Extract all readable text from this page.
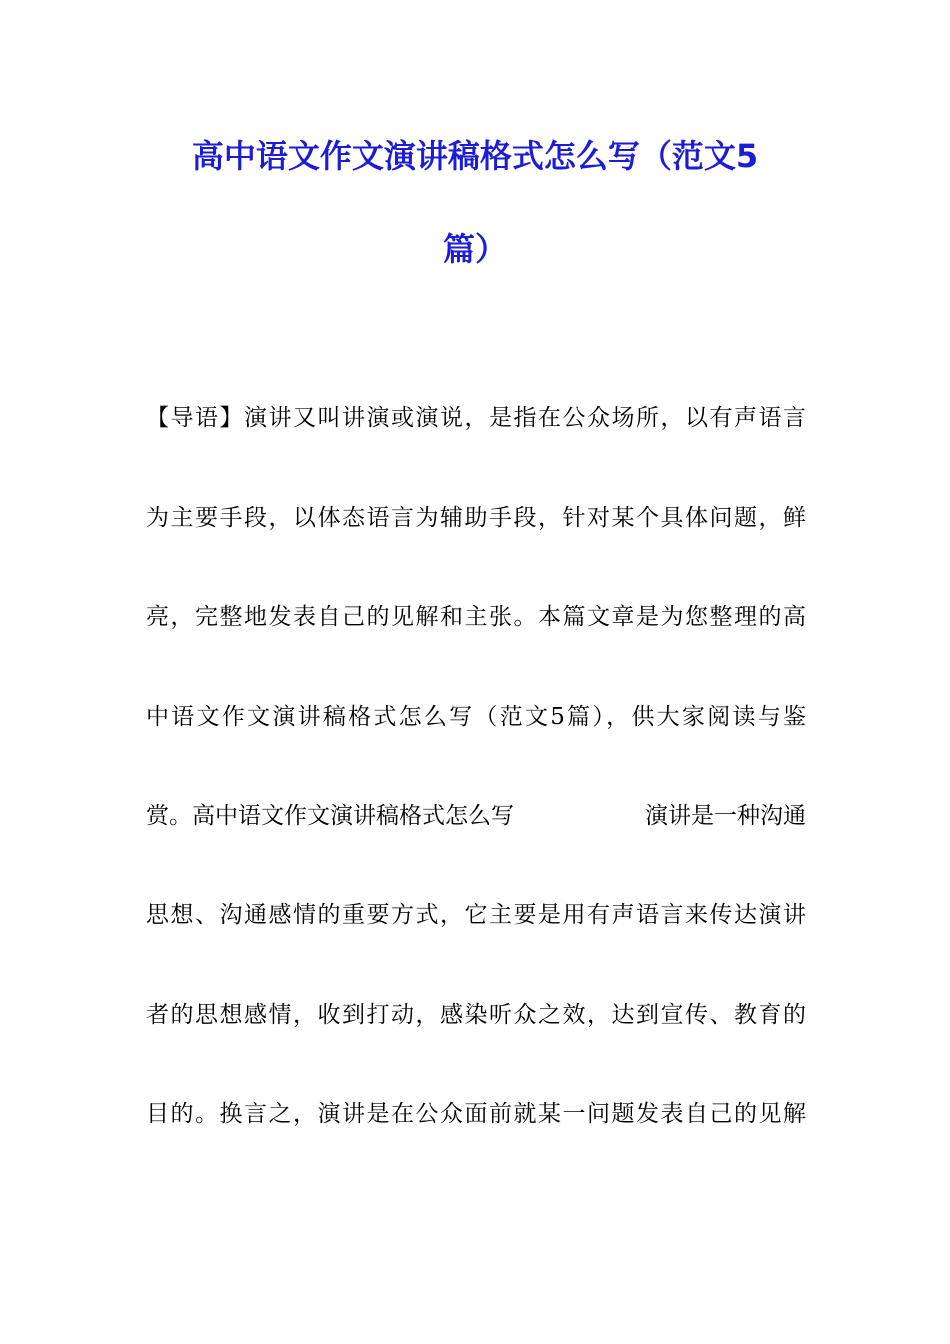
高中语文作文演讲稿格式怎么写（范文5
篇）
【导语】演讲又叫讲演或演说，是指在公众场所，以有声语言
为主要手段，以体态语言为辅助手段，针对某个具体问题，鲜
亮，完整地发表自己的见解和主张。本篇文章是为您整理的高
中语文作文演讲稿格式怎么写（范文5篇），供大家阅读与鉴
赏。高中语文作文演讲稿格式怎么写	演讲是一种沟通
思想、沟通感情的重要方式，它主要是用有声语言来传达演讲
者的思想感情，收到打动，感染听众之效，达到宣传、教育的
目的。换言之，演讲是在公众面前就某一问题发表自己的见解
